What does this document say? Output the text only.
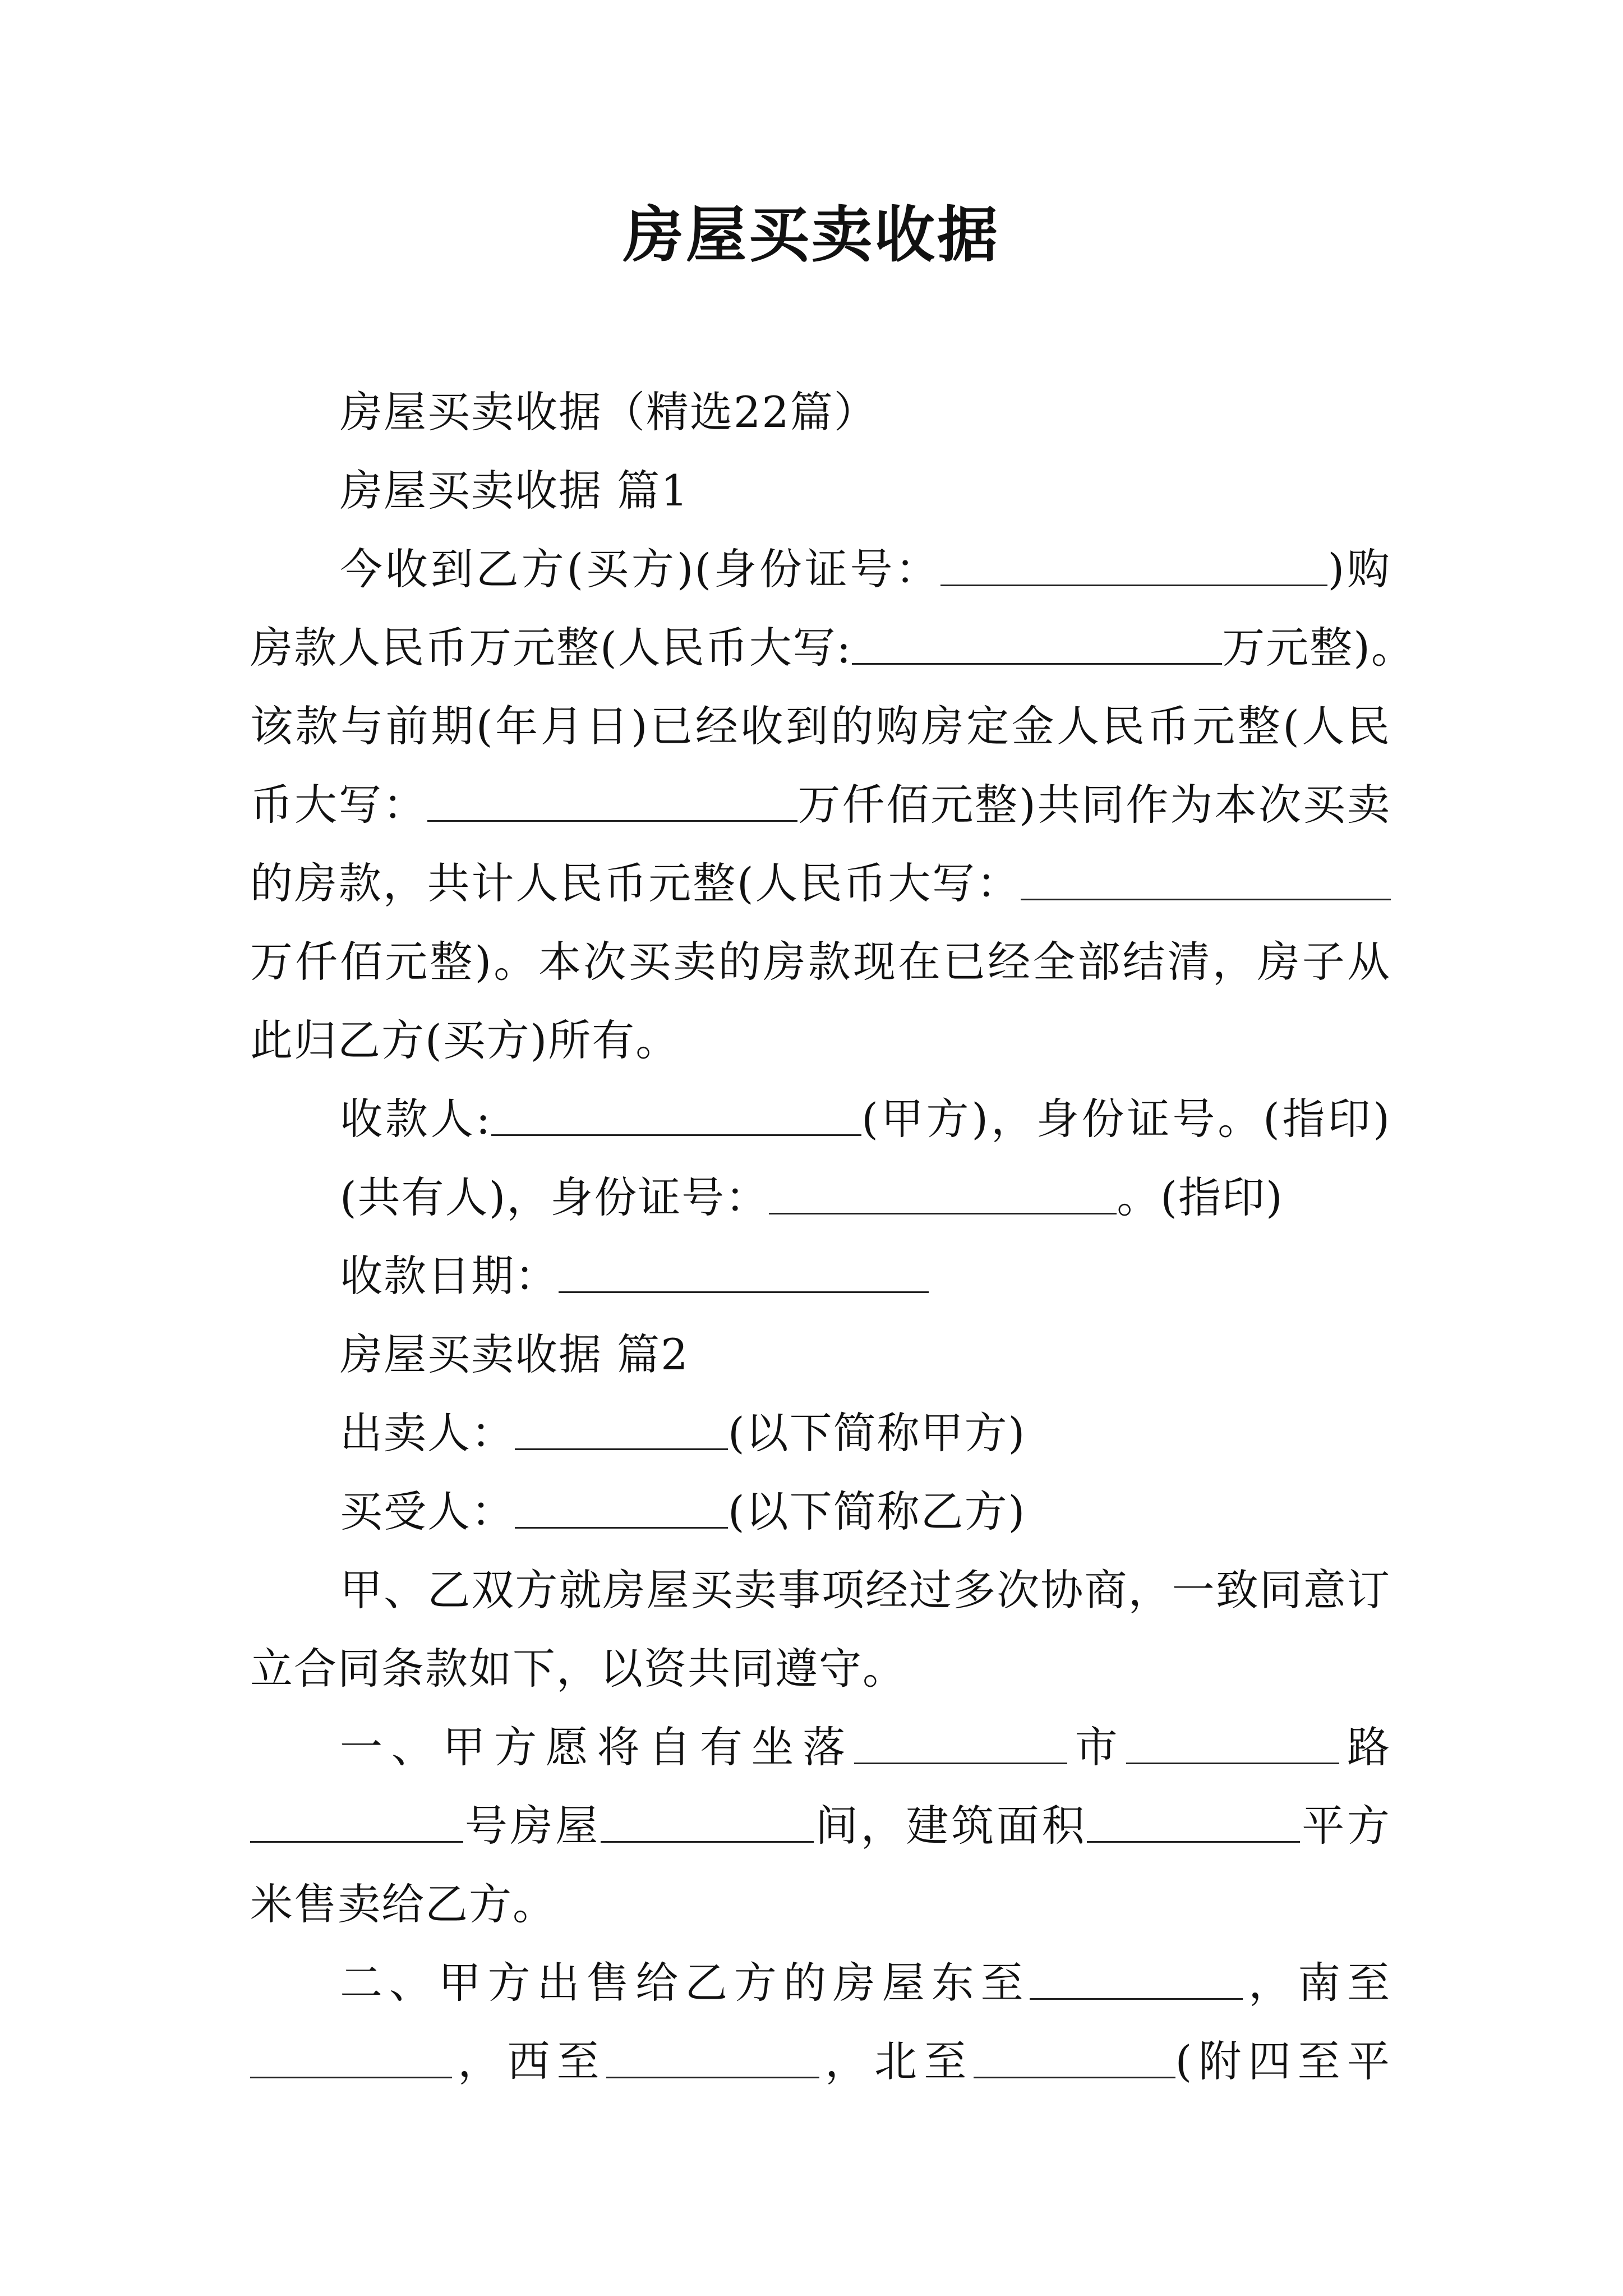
房屋买卖收据
房屋买卖收据（精选22篇）
房屋买卖收据 篇1
今收到乙方(买方)(身份证号：	)购
房款人民币万元整(人民币大写:	万元整)。
该款与前期(年月日)已经收到的购房定金人民币元整(人民
币大写：	万仟佰元整)共同作为本次买卖
的房款，共计人民币元整(人民币大写：
万仟佰元整)。本次买卖的房款现在已经全部结清，房子从
此归乙方(买方)所有。
收款人:	(甲方)，身份证号。(指印)
(共有人)，身份证号：	。(指印)
收款日期：
房屋买卖收据 篇2
出卖人：	(以下简称甲方)
买受人：	(以下简称乙方)
甲、乙双方就房屋买卖事项经过多次协商，一致同意订
立合同条款如下，以资共同遵守。
一、甲方愿将自有坐落	市	路
号房屋	间，建筑面积	平方
米售卖给乙方。
二、甲方出售给乙方的房屋东至	，南至
，西至	，北至	(附四至平
